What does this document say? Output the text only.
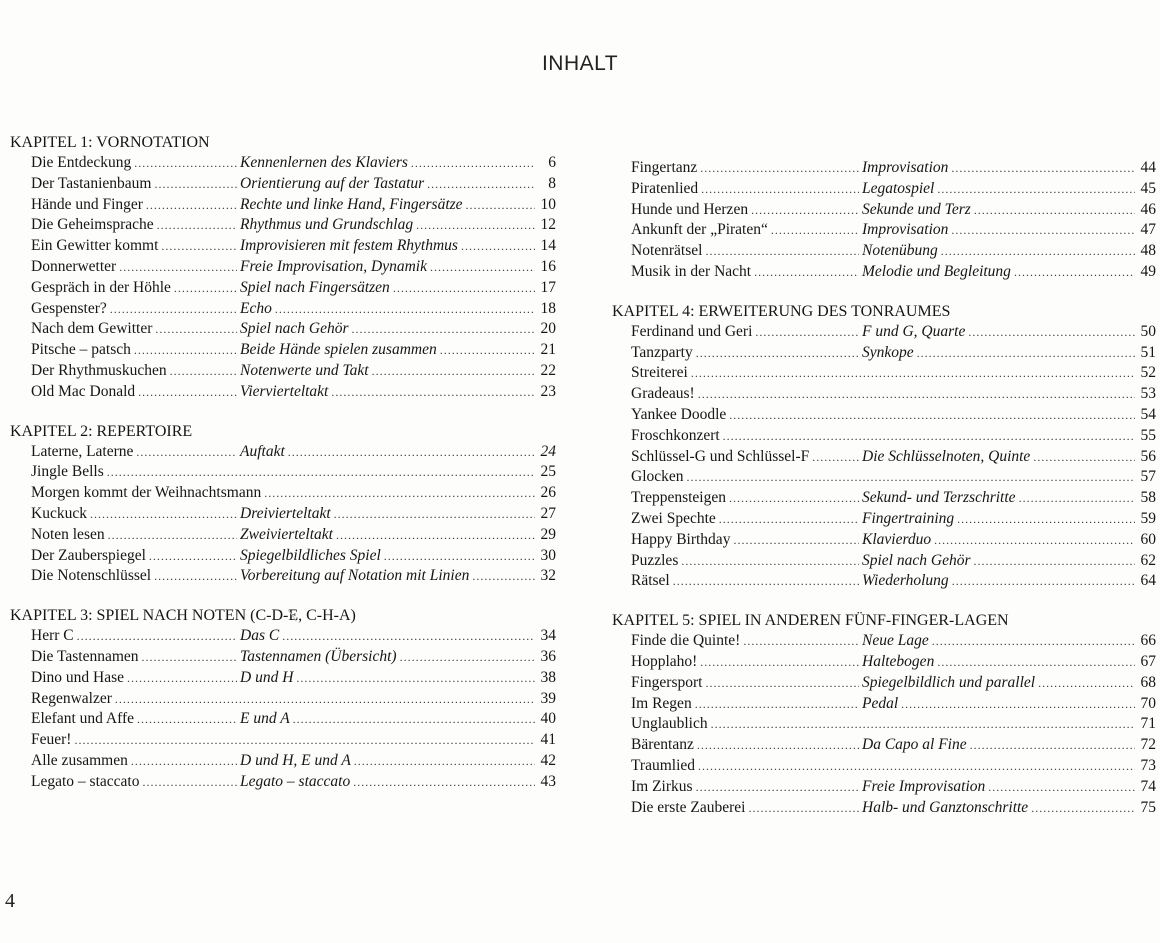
INHALT
KAPITEL 1: VORNOTATION
Die Entdeckung .....	Kennenlernen des Klaviers .....	6
Der Tastanienbaum .....	Orientierung auf der Tastatur .....	8
Hände und Finger .....	Rechte und linke Hand, Fingersätze .....	10
Die Geheimsprache .....	Rhythmus und Grundschlag .....	12
Ein Gewitter kommt .....	Improvisieren mit festem Rhythmus .....	14
Donnerwetter .....	Freie Improvisation, Dynamik .....	16
Gespräch in der Höhle .....	Spiel nach Fingersätzen .....	17
Gespenster? .....	Echo .....	18
Nach dem Gewitter .....	Spiel nach Gehör .....	20
Pitsche – patsch .....	Beide Hände spielen zusammen .....	21
Der Rhythmuskuchen .....	Notenwerte und Takt .....	22
Old Mac Donald .....	Viervierteltakt .....	23
KAPITEL 2: REPERTOIRE
Laterne, Laterne .....	Auftakt .....	24
Jingle Bells .....	25
Morgen kommt der Weihnachtsmann .....	26
Kuckuck .....	Dreivierteltakt .....	27
Noten lesen .....	Zweivierteltakt .....	29
Der Zauberspiegel .....	Spiegelbildliches Spiel .....	30
Die Notenschlüssel .....	Vorbereitung auf Notation mit Linien .....	32
KAPITEL 3: SPIEL NACH NOTEN (C-D-E, C-H-A)
Herr C .....	Das C .....	34
Die Tastennamen .....	Tastennamen (Übersicht) .....	36
Dino und Hase .....	D und H .....	38
Regenwalzer .....	39
Elefant und Affe .....	E und A .....	40
Feuer! .....	41
Alle zusammen .....	D und H, E und A .....	42
Legato – staccato .....	Legato – staccato .....	43
Fingertanz .....	Improvisation .....	44
Piratenlied .....	Legatospiel .....	45
Hunde und Herzen .....	Sekunde und Terz .....	46
Ankunft der „Piraten“ .....	Improvisation .....	47
Notenrätsel .....	Notenübung .....	48
Musik in der Nacht .....	Melodie und Begleitung .....	49
KAPITEL 4: ERWEITERUNG DES TONRAUMES
Ferdinand und Geri .....	F und G, Quarte .....	50
Tanzparty .....	Synkope .....	51
Streiterei .....	52
Gradeaus! .....	53
Yankee Doodle .....	54
Froschkonzert .....	55
Schlüssel-G und Schlüssel-F .....	Die Schlüsselnoten, Quinte .....	56
Glocken .....	57
Treppensteigen .....	Sekund- und Terzschritte .....	58
Zwei Spechte .....	Fingertraining .....	59
Happy Birthday .....	Klavierduo .....	60
Puzzles .....	Spiel nach Gehör .....	62
Rätsel .....	Wiederholung .....	64
KAPITEL 5: SPIEL IN ANDEREN FÜNF-FINGER-LAGEN
Finde die Quinte! .....	Neue Lage .....	66
Hopplaho! .....	Haltebogen .....	67
Fingersport .....	Spiegelbildlich und parallel .....	68
Im Regen .....	Pedal .....	70
Unglaublich .....	71
Bärentanz .....	Da Capo al Fine .....	72
Traumlied .....	73
Im Zirkus .....	Freie Improvisation .....	74
Die erste Zauberei .....	Halb- und Ganztonschritte .....	75
4
